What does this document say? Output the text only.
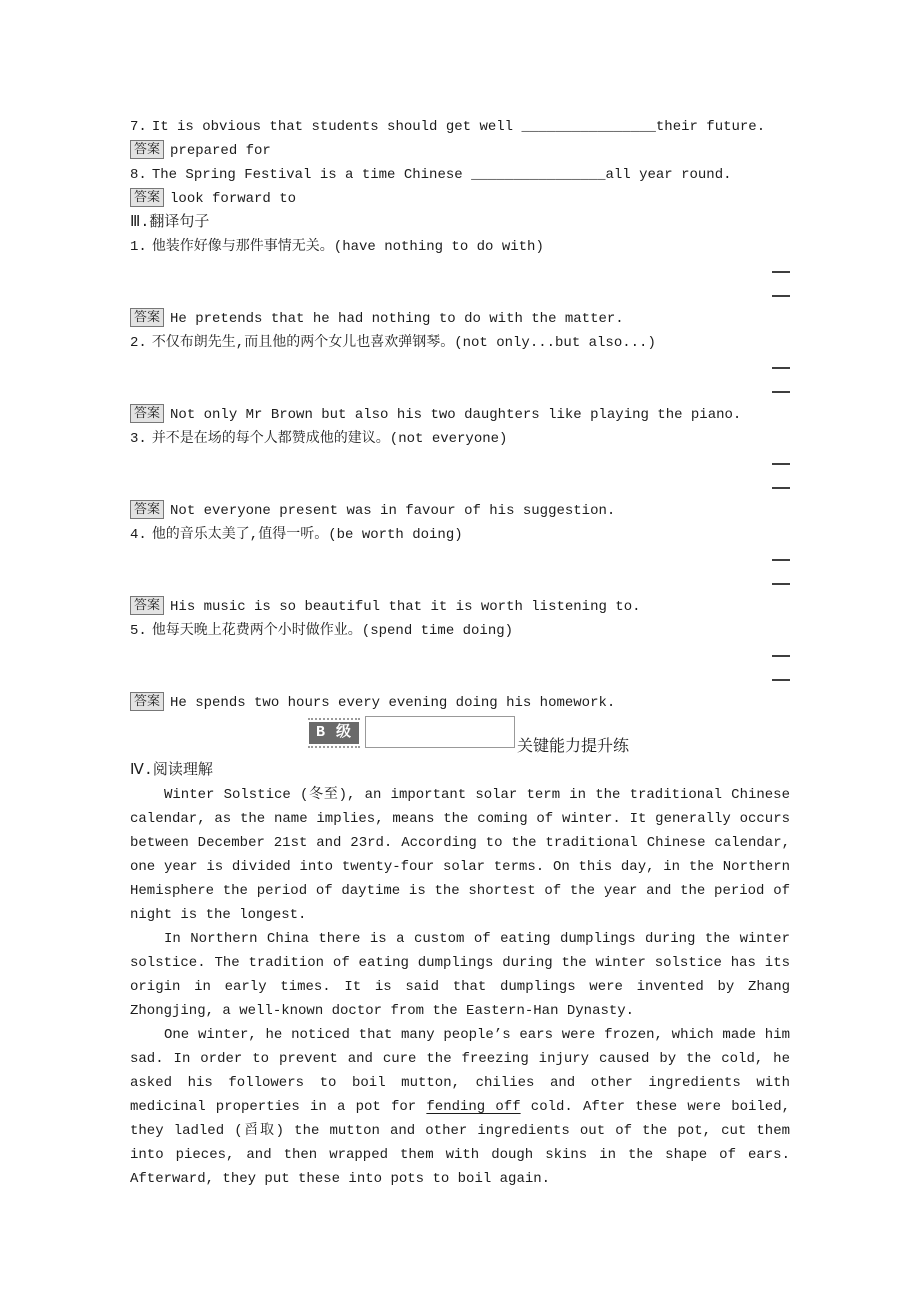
7. It is obvious that students should get well ________________their future.
答案 prepared for
8. The Spring Festival is a time Chinese ________________all year round.
答案 look forward to
Ⅲ.翻译句子
1. 他装作好像与那件事情无关。(have nothing to do with)
答案 He pretends that he had nothing to do with the matter.
2. 不仅布朗先生,而且他的两个女儿也喜欢弹钢琴。(not only...but also...)
答案 Not only Mr Brown but also his two daughters like playing the piano.
3. 并不是在场的每个人都赞成他的建议。(not everyone)
答案 Not everyone present was in favour of his suggestion.
4. 他的音乐太美了,值得一听。(be worth doing)
答案 His music is so beautiful that it is worth listening to.
5. 他每天晚上花费两个小时做作业。(spend time doing)
答案 He spends two hours every evening doing his homework.
B 级
关键能力提升练
Ⅳ.阅读理解

Winter Solstice (冬至), an important solar term in the traditional Chinese calendar, as the name implies, means the coming of winter. It generally occurs between December 21st and 23rd. According to the traditional Chinese calendar, one year is divided into twenty-four solar terms. On this day, in the Northern Hemisphere the period of daytime is the shortest of the year and the period of night is the longest.

In Northern China there is a custom of eating dumplings during the winter solstice. The tradition of eating dumplings during the winter solstice has its origin in early times. It is said that dumplings were invented by Zhang Zhongjing, a well-known doctor from the Eastern-Han Dynasty.

One winter, he noticed that many people’s ears were frozen, which made him sad. In order to prevent and cure the freezing injury caused by the cold, he asked his followers to boil mutton, chilies and other ingredients with medicinal properties in a pot for fending off cold. After these were boiled, they ladled (舀取) the mutton and other ingredients out of the pot, cut them into pieces, and then wrapped them with dough skins in the shape of ears. Afterward, they put these into pots to boil again.
